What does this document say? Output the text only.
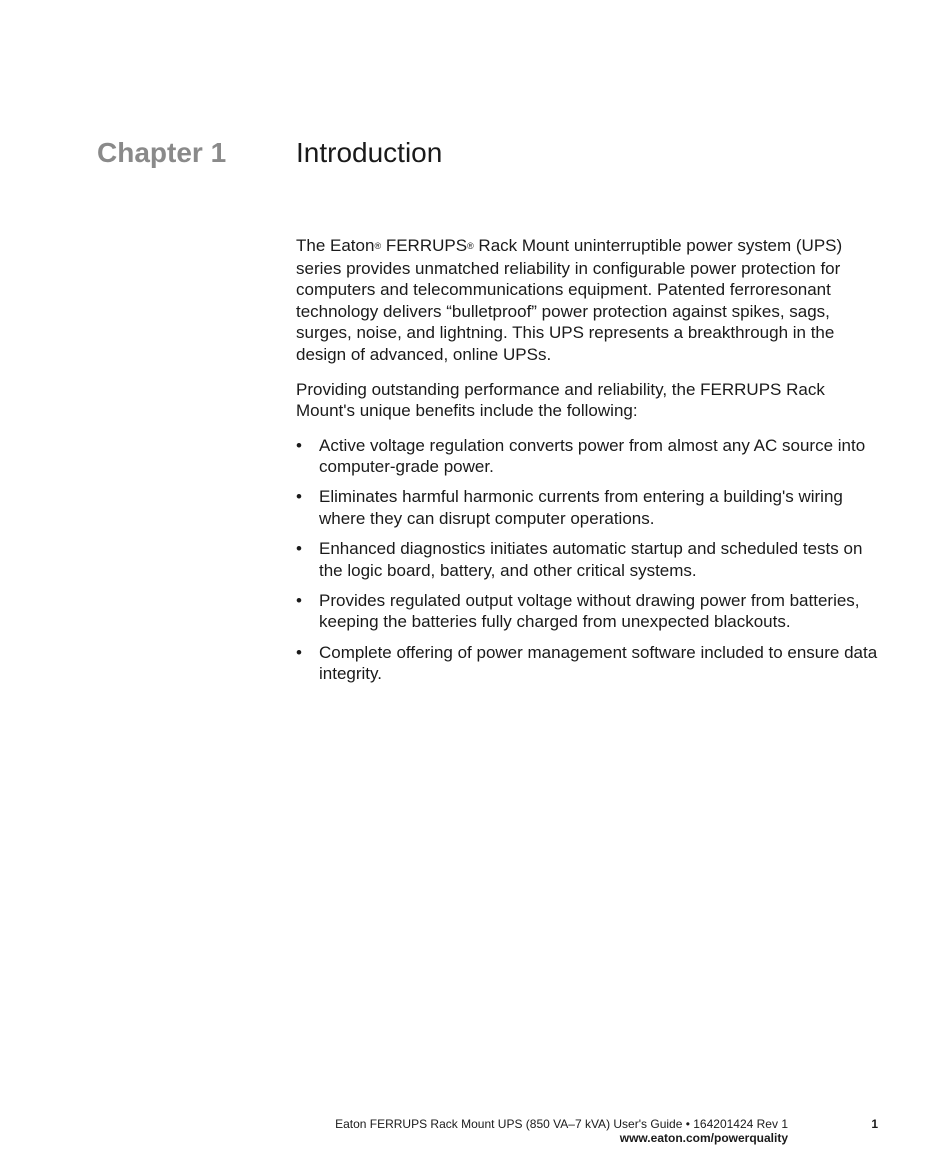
Chapter 1 Introduction

The Eaton® FERRUPS® Rack Mount uninterruptible power system (UPS) series provides unmatched reliability in configurable power protection for computers and telecommunications equipment. Patented ferroresonant technology delivers “bulletproof” power protection against spikes, sags, surges, noise, and lightning. This UPS represents a breakthrough in the design of advanced, online UPSs.

Providing outstanding performance and reliability, the FERRUPS Rack Mount's unique benefits include the following:

• Active voltage regulation converts power from almost any AC source into computer-grade power.
• Eliminates harmful harmonic currents from entering a building's wiring where they can disrupt computer operations.
• Enhanced diagnostics initiates automatic startup and scheduled tests on the logic board, battery, and other critical systems.
• Provides regulated output voltage without drawing power from batteries, keeping the batteries fully charged from unexpected blackouts.
• Complete offering of power management software included to ensure data integrity.
Eaton FERRUPS Rack Mount UPS (850 VA–7 kVA) User's Guide • 164201424 Rev 1
www.eaton.com/powerquality
1
